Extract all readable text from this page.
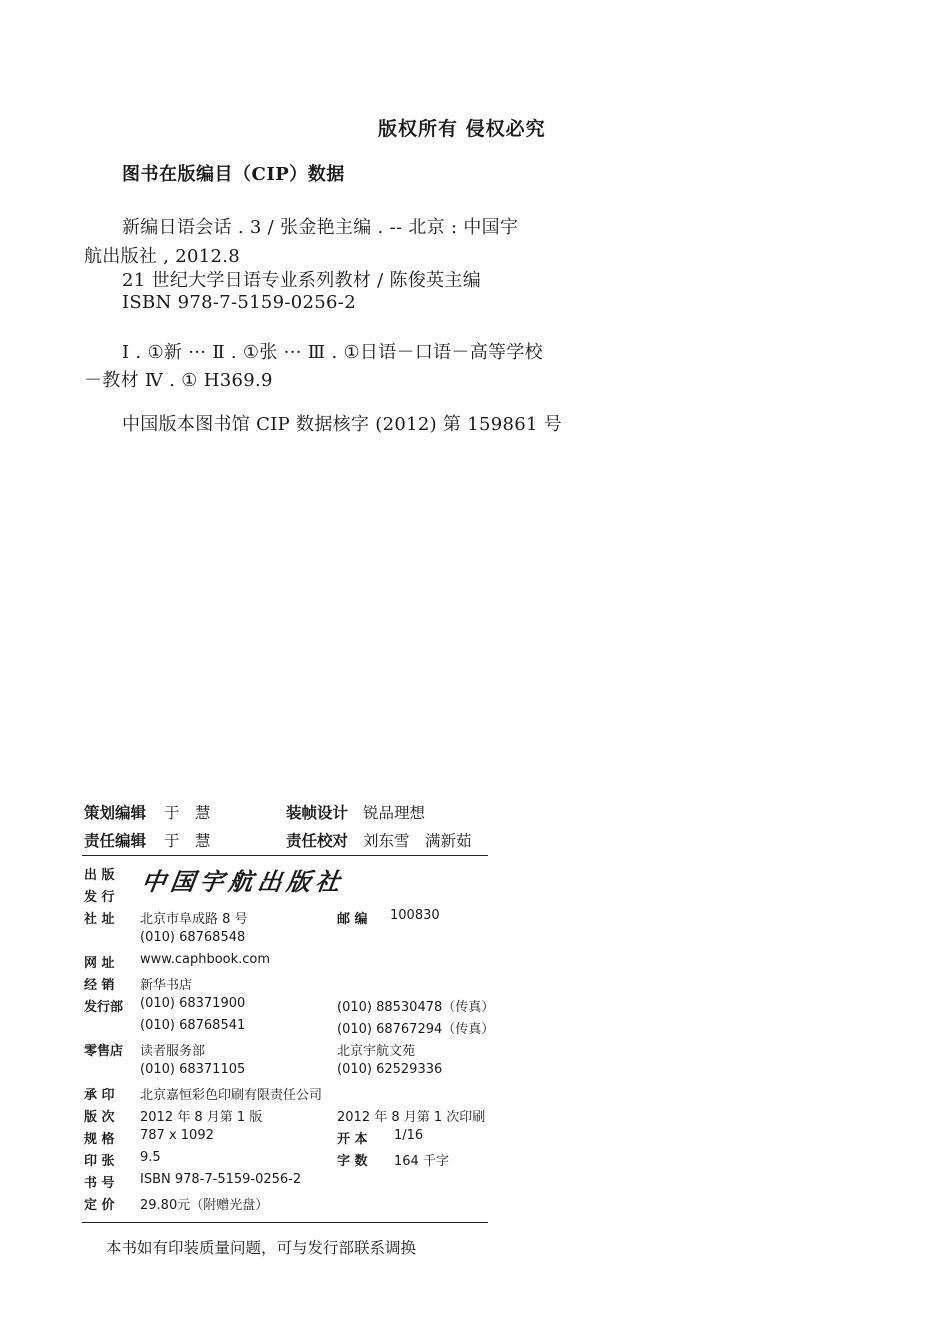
版权所有 侵权必究
图书在版编目（CIP）数据
新编日语会话 . 3 / 张金艳主编 . -- 北京 : 中国宇
航出版社 , 2012.8
21 世纪大学日语专业系列教材 / 陈俊英主编
ISBN 978-7-5159-0256-2
Ⅰ . ①新 ··· Ⅱ . ①张 ··· Ⅲ . ①日语－口语－高等学校
－教材 Ⅳ . ① H369.9
中国版本图书馆 CIP 数据核字 (2012) 第 159861 号
策划编辑 于　慧	装帧设计 锐品理想
责任编辑 于　慧	责任校对 刘东雪　满新茹
出 版
发 行
中国宇航出版社
社 址	北京市阜成路 8 号	邮 编	100830
(010) 68768548
网 址	www.caphbook.com
经 销	新华书店
发行部	(010) 68371900	(010) 88530478（传真）
(010) 68768541	(010) 68767294（传真）
零售店	读者服务部	北京宇航文苑
(010) 68371105	(010) 62529336
承 印	北京嘉恒彩色印刷有限责任公司
版 次	2012 年 8 月第 1 版	2012 年 8 月第 1 次印刷
规 格	787 x 1092	开 本	1/16
印 张	9.5	字 数	164 千字
书 号	ISBN 978-7-5159-0256-2
定 价	29.80元（附赠光盘）
本书如有印装质量问题，可与发行部联系调换
